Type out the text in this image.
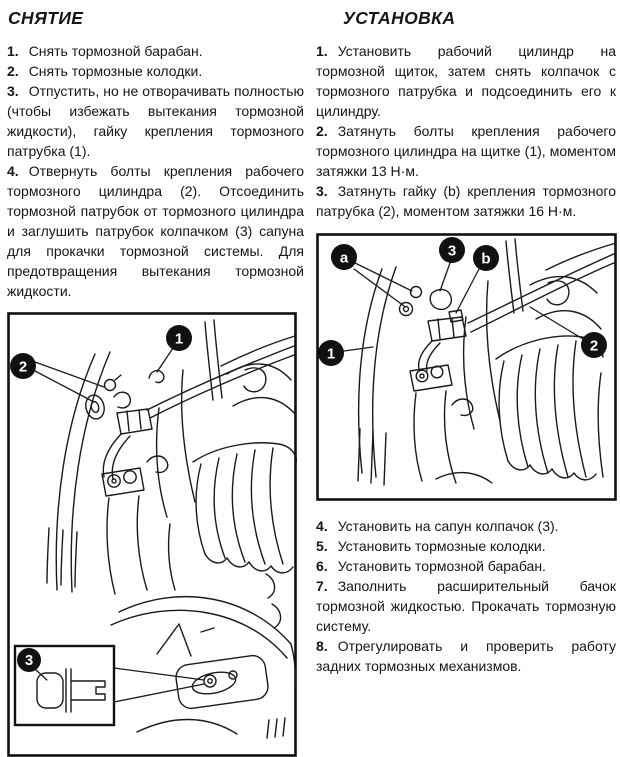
СНЯТИЕ

1. Снять тормозной барабан.

2. Снять тормозные колодки.

3. Отпустить, но не отворачивать полностью (чтобы избежать вытекания тормозной жидкости), гайку крепления тормозного патрубка (1).

4. Отвернуть болты крепления рабочего тормозного цилиндра (2). Отсоединить тормозной патрубок от тормозного цилиндра и заглушить патрубок колпачком (3) сапуна для прокачки тормозной системы. Для предотвращения вытекания тормозной жидкости.

3
1
2
УСТАНОВКА

1. Установить рабочий цилиндр на тормозной щиток, затем снять колпачок с тормозного патрубка и подсоединить его к цилиндру.

2. Затянуть болты крепления рабочего тормозного цилиндра на щитке (1), моментом затяжки 13 Н·м.

3. Затянуть гайку (b) крепления тормозного патрубка (2), моментом затяжки 16 Н·м.

a	3 b
1	2

4. Установить на сапун колпачок (3).

5. Установить тормозные колодки.

6. Установить тормозной барабан.

7. Заполнить расширительный бачок тормозной жидкостью. Прокачать тормозную систему.

8. Отрегулировать и проверить работу задних тормозных механизмов.
